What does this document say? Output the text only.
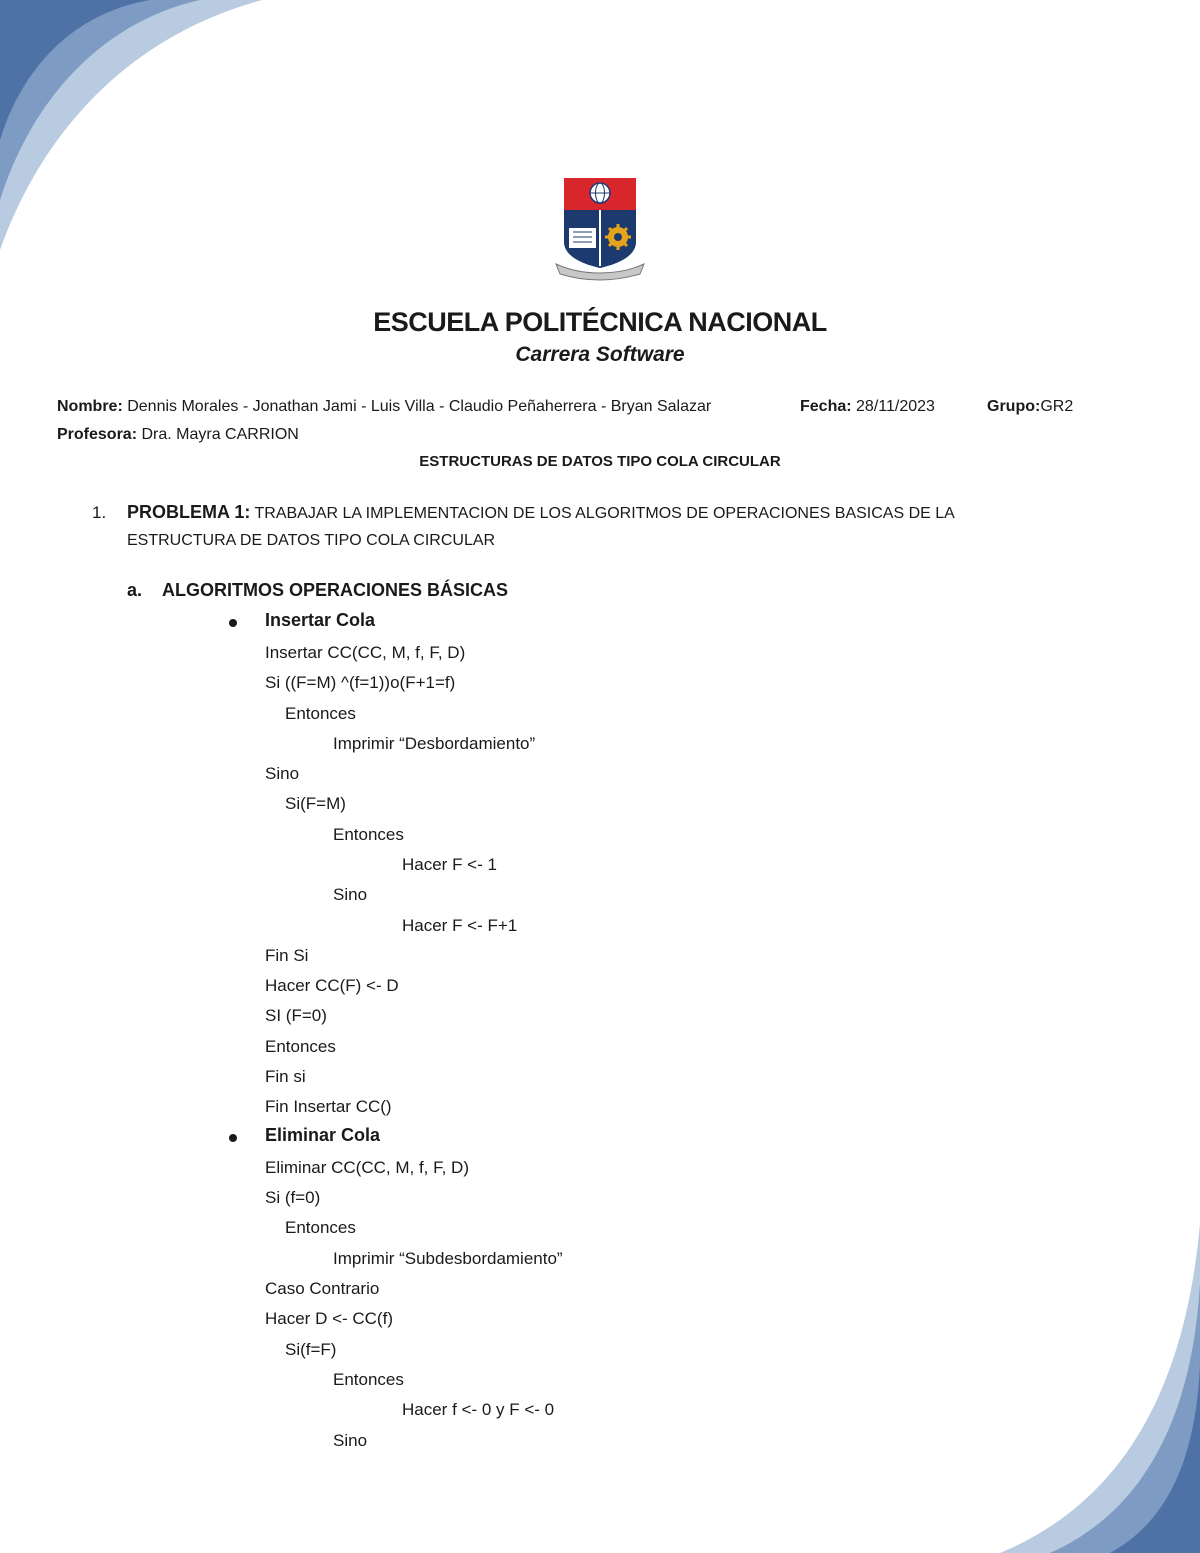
ESCUELA POLITÉCNICA NACIONAL
Carrera Software
Nombre: Dennis Morales - Jonathan Jami - Luis Villa - Claudio Peñaherrera - Bryan Salazar	Fecha: 28/11/2023	Grupo:GR2
Profesora: Dra. Mayra CARRION
ESTRUCTURAS DE DATOS TIPO COLA CIRCULAR
1. PROBLEMA 1: TRABAJAR LA IMPLEMENTACION DE LOS ALGORITMOS DE OPERACIONES BASICAS DE LA
ESTRUCTURA DE DATOS TIPO COLA CIRCULAR
a. ALGORITMOS OPERACIONES BÁSICAS
Insertar Cola
Insertar CC(CC, M, f, F, D)
Si ((F=M) ^(f=1))o(F+1=f)
Entonces
Imprimir “Desbordamiento”
Sino
Si(F=M)
Entonces
Hacer F <- 1
Sino
Hacer F <- F+1
Fin Si
Hacer CC(F) <- D
SI (F=0)
Entonces
Fin si
Fin Insertar CC()
Eliminar Cola
Eliminar CC(CC, M, f, F, D)
Si (f=0)
Entonces
Imprimir “Subdesbordamiento”
Caso Contrario
Hacer D <- CC(f)
Si(f=F)
Entonces
Hacer f <- 0 y F <- 0
Sino
